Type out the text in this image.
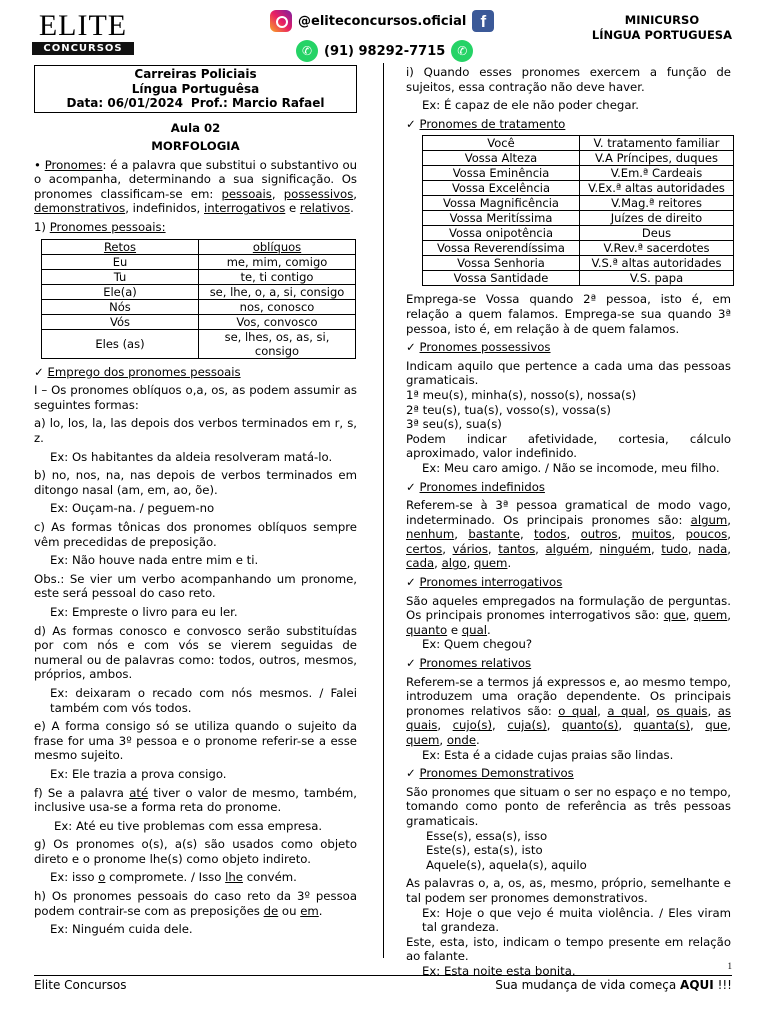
ELITE
CONCURSOS
@eliteconcursos.oficial f
✆ (91) 98292-7715 ✆
MINICURSO
LÍNGUA PORTUGUESA
Carreiras Policiais
Língua Portuguêsa
Data: 06/01/2024 Prof.: Marcio Rafael
Aula 02
MORFOLOGIA

• Pronomes: é a palavra que substitui o substantivo ou o acompanha, determinando a sua significação. Os pronomes classificam-se em: pessoais, possessivos, demonstrativos, indefinidos, interrogativos e relativos.

1) Pronomes pessoais:

Retos	oblíquos
Eu	me, mim, comigo
Tu	te, ti contigo
Ele(a)	se, lhe, o, a, si, consigo
Nós	nos, conosco
Vós	Vos, convosco
Eles (as)	se, lhes, os, as, si, consigo

✓ Emprego dos pronomes pessoais

I – Os pronomes oblíquos o,a, os, as podem assumir as seguintes formas:

a) lo, los, la, las depois dos verbos terminados em r, s, z.

Ex: Os habitantes da aldeia resolveram matá-lo.

b) no, nos, na, nas depois de verbos terminados em ditongo nasal (am, em, ao, õe).

Ex: Ouçam-na. / peguem-no

c) As formas tônicas dos pronomes oblíquos sempre vêm precedidas de preposição.

Ex: Não houve nada entre mim e ti.

Obs.: Se vier um verbo acompanhando um pronome, este será pessoal do caso reto.

Ex: Empreste o livro para eu ler.

d) As formas conosco e convosco serão substituídas por com nós e com vós se vierem seguidas de numeral ou de palavras como: todos, outros, mesmos, próprios, ambos.

Ex: deixaram o recado com nós mesmos. / Falei também com vós todos.

e) A forma consigo só se utiliza quando o sujeito da frase for uma 3º pessoa e o pronome referir-se a esse mesmo sujeito.

Ex: Ele trazia a prova consigo.

f) Se a palavra até tiver o valor de mesmo, também, inclusive usa-se a forma reta do pronome.

Ex: Até eu tive problemas com essa empresa.

g) Os pronomes o(s), a(s) são usados como objeto direto e o pronome lhe(s) como objeto indireto.

Ex: isso o compromete. / Isso lhe convém.

h) Os pronomes pessoais do caso reto da 3º pessoa podem contrair-se com as preposições de ou em.

Ex: Ninguém cuida dele.

i) Quando esses pronomes exercem a função de sujeitos, essa contração não deve haver.

Ex: É capaz de ele não poder chegar.

✓ Pronomes de tratamento

Você	V. tratamento familiar
Vossa Alteza	V.A Príncipes, duques
Vossa Eminência	V.Em.ª Cardeais
Vossa Excelência	V.Ex.ª altas autoridades
Vossa Magnificência	V.Mag.ª reitores
Vossa Meritíssima	Juízes de direito
Vossa onipotência	Deus
Vossa Reverendíssima	V.Rev.ª sacerdotes
Vossa Senhoria	V.S.ª altas autoridades
Vossa Santidade	V.S. papa

Emprega-se Vossa quando 2ª pessoa, isto é, em relação a quem falamos. Emprega-se sua quando 3ª pessoa, isto é, em relação à de quem falamos.

✓ Pronomes possessivos

Indicam aquilo que pertence a cada uma das pessoas gramaticais.

1ª meu(s), minha(s), nosso(s), nossa(s)

2ª teu(s), tua(s), vosso(s), vossa(s)

3ª seu(s), sua(s)

Podem indicar afetividade, cortesia, cálculo aproximado, valor indefinido.

Ex: Meu caro amigo. / Não se incomode, meu filho.

✓ Pronomes indefinidos

Referem-se à 3ª pessoa gramatical de modo vago, indeterminado. Os principais pronomes são: algum, nenhum, bastante, todos, outros, muitos, poucos, certos, vários, tantos, alguém, ninguém, tudo, nada, cada, algo, quem.

✓ Pronomes interrogativos

São aqueles empregados na formulação de perguntas. Os principais pronomes interrogativos são: que, quem, quanto e qual.

Ex: Quem chegou?

✓ Pronomes relativos

Referem-se a termos já expressos e, ao mesmo tempo, introduzem uma oração dependente. Os principais pronomes relativos são: o qual, a qual, os quais, as quais, cujo(s), cuja(s), quanto(s), quanta(s), que, quem, onde.

Ex: Esta é a cidade cujas praias são lindas.

✓ Pronomes Demonstrativos

São pronomes que situam o ser no espaço e no tempo, tomando como ponto de referência as três pessoas gramaticais.

Esse(s), essa(s), isso

Este(s), esta(s), isto

Aquele(s), aquela(s), aquilo

As palavras o, a, os, as, mesmo, próprio, semelhante e tal podem ser pronomes demonstrativos.

Ex: Hoje o que vejo é muita violência. / Eles viram tal grandeza.

Este, esta, isto, indicam o tempo presente em relação ao falante.

Ex: Esta noite esta bonita.	1
Elite Concursos	Sua mudança de vida começa AQUI !!!
